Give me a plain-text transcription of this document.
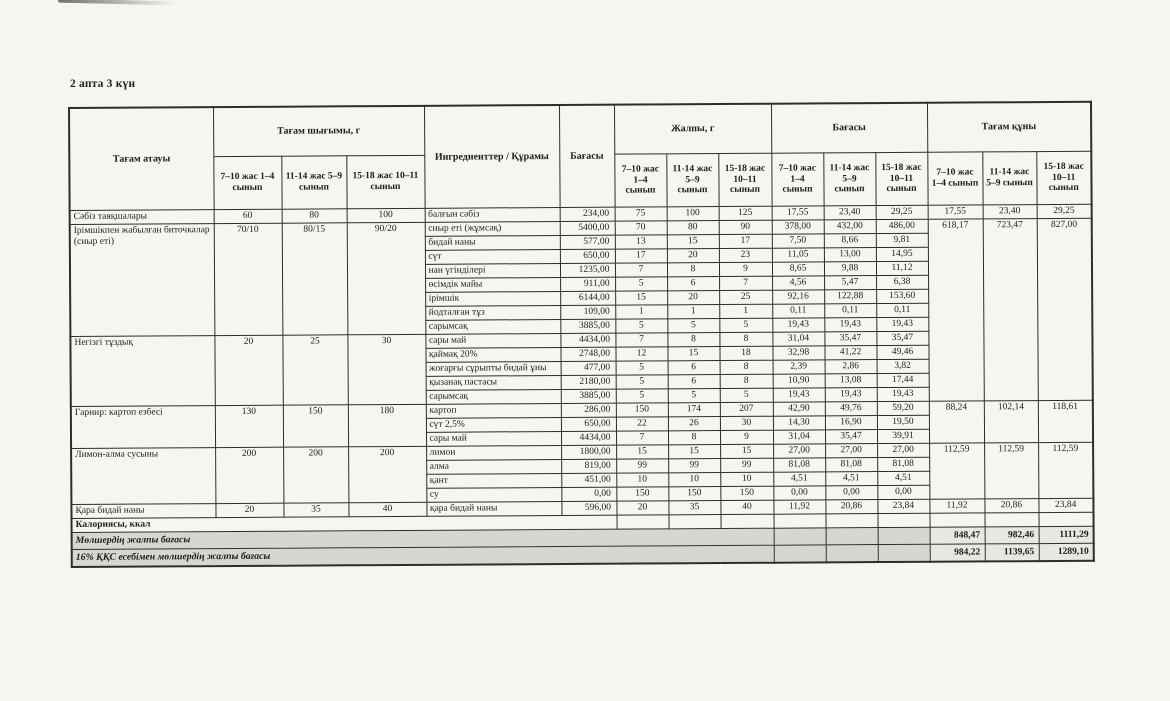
2 апта 3 күн
Тағам атауы	Тағам шығымы, г			Ингредиенттер / Құрамы	Бағасы	Жалпы, г			Бағасы			Тағам құны		
	7–10 жас 1–4 сынып	11-14 жас 5–9 сынып	15-18 жас 10–11 сынып			7–10 жас 1–4 сынып	11-14 жас 5–9 сынып	15-18 жас 10–11 сынып	7–10 жас 1–4 сынып	11-14 жас 5–9 сынып	15-18 жас 10–11 сынып	7–10 жас 1–4 сынып	11-14 жас 5–9 сынып	15-18 жас 10–11 сынып
Сәбіз таяқшалары	60	80	100	балғын сәбіз	234,00	75	100	125	17,55	23,40	29,25	17,55	23,40	29,25
Ірімшікпен жабылған биточкалар (сиыр еті)	70/10	80/15	90/20	сиыр еті (жұмсақ)	5400,00	70	80	90	378,00	432,00	486,00	618,17	723,47	827,00
				бидай наны	577,00	13	15	17	7,50	8,66	9,81			
				сүт	650,00	17	20	23	11,05	13,00	14,95			
				нан үгінділері	1235,00	7	8	9	8,65	9,88	11,12			
				өсімдік майы	911,00	5	6	7	4,56	5,47	6,38			
				ірімшік	6144,00	15	20	25	92,16	122,88	153,60			
				йодталған тұз	109,00	1	1	1	0,11	0,11	0,11			
				сарымсақ	3885,00	5	5	5	19,43	19,43	19,43			
Негізгі тұздық	20	25	30	сары май	4434,00	7	8	8	31,04	35,47	35,47			
				қаймақ 20%	2748,00	12	15	18	32,98	41,22	49,46			
				жоғарғы сұрыпты бидай ұны	477,00	5	6	8	2,39	2,86	3,82			
				қызанақ пастасы	2180,00	5	6	8	10,90	13,08	17,44			
				сарымсақ	3885,00	5	5	5	19,43	19,43	19,43			
Гарнир: картоп езбесі	130	150	180	картоп	286,00	150	174	207	42,90	49,76	59,20	88,24	102,14	118,61
				сүт 2,5%	650,00	22	26	30	14,30	16,90	19,50			
				сары май	4434,00	7	8	9	31,04	35,47	39,91			
Лимон-алма сусыны	200	200	200	лимон	1800,00	15	15	15	27,00	27,00	27,00	112,59	112,59	112,59
				алма	819,00	99	99	99	81,08	81,08	81,08			
				қант	451,00	10	10	10	4,51	4,51	4,51			
				су	0,00	150	150	150	0,00	0,00	0,00			
Қара бидай наны	20	35	40	қара бидай наны	596,00	20	35	40	11,92	20,86	23,84	11,92	20,86	23,84
Калориясы, ккал														
Мөлшердің жалпы бағасы												848,47	982,46	1111,29
16% ҚҚС есебімен мөлшердің жалпы бағасы												984,22	1139,65	1289,10
